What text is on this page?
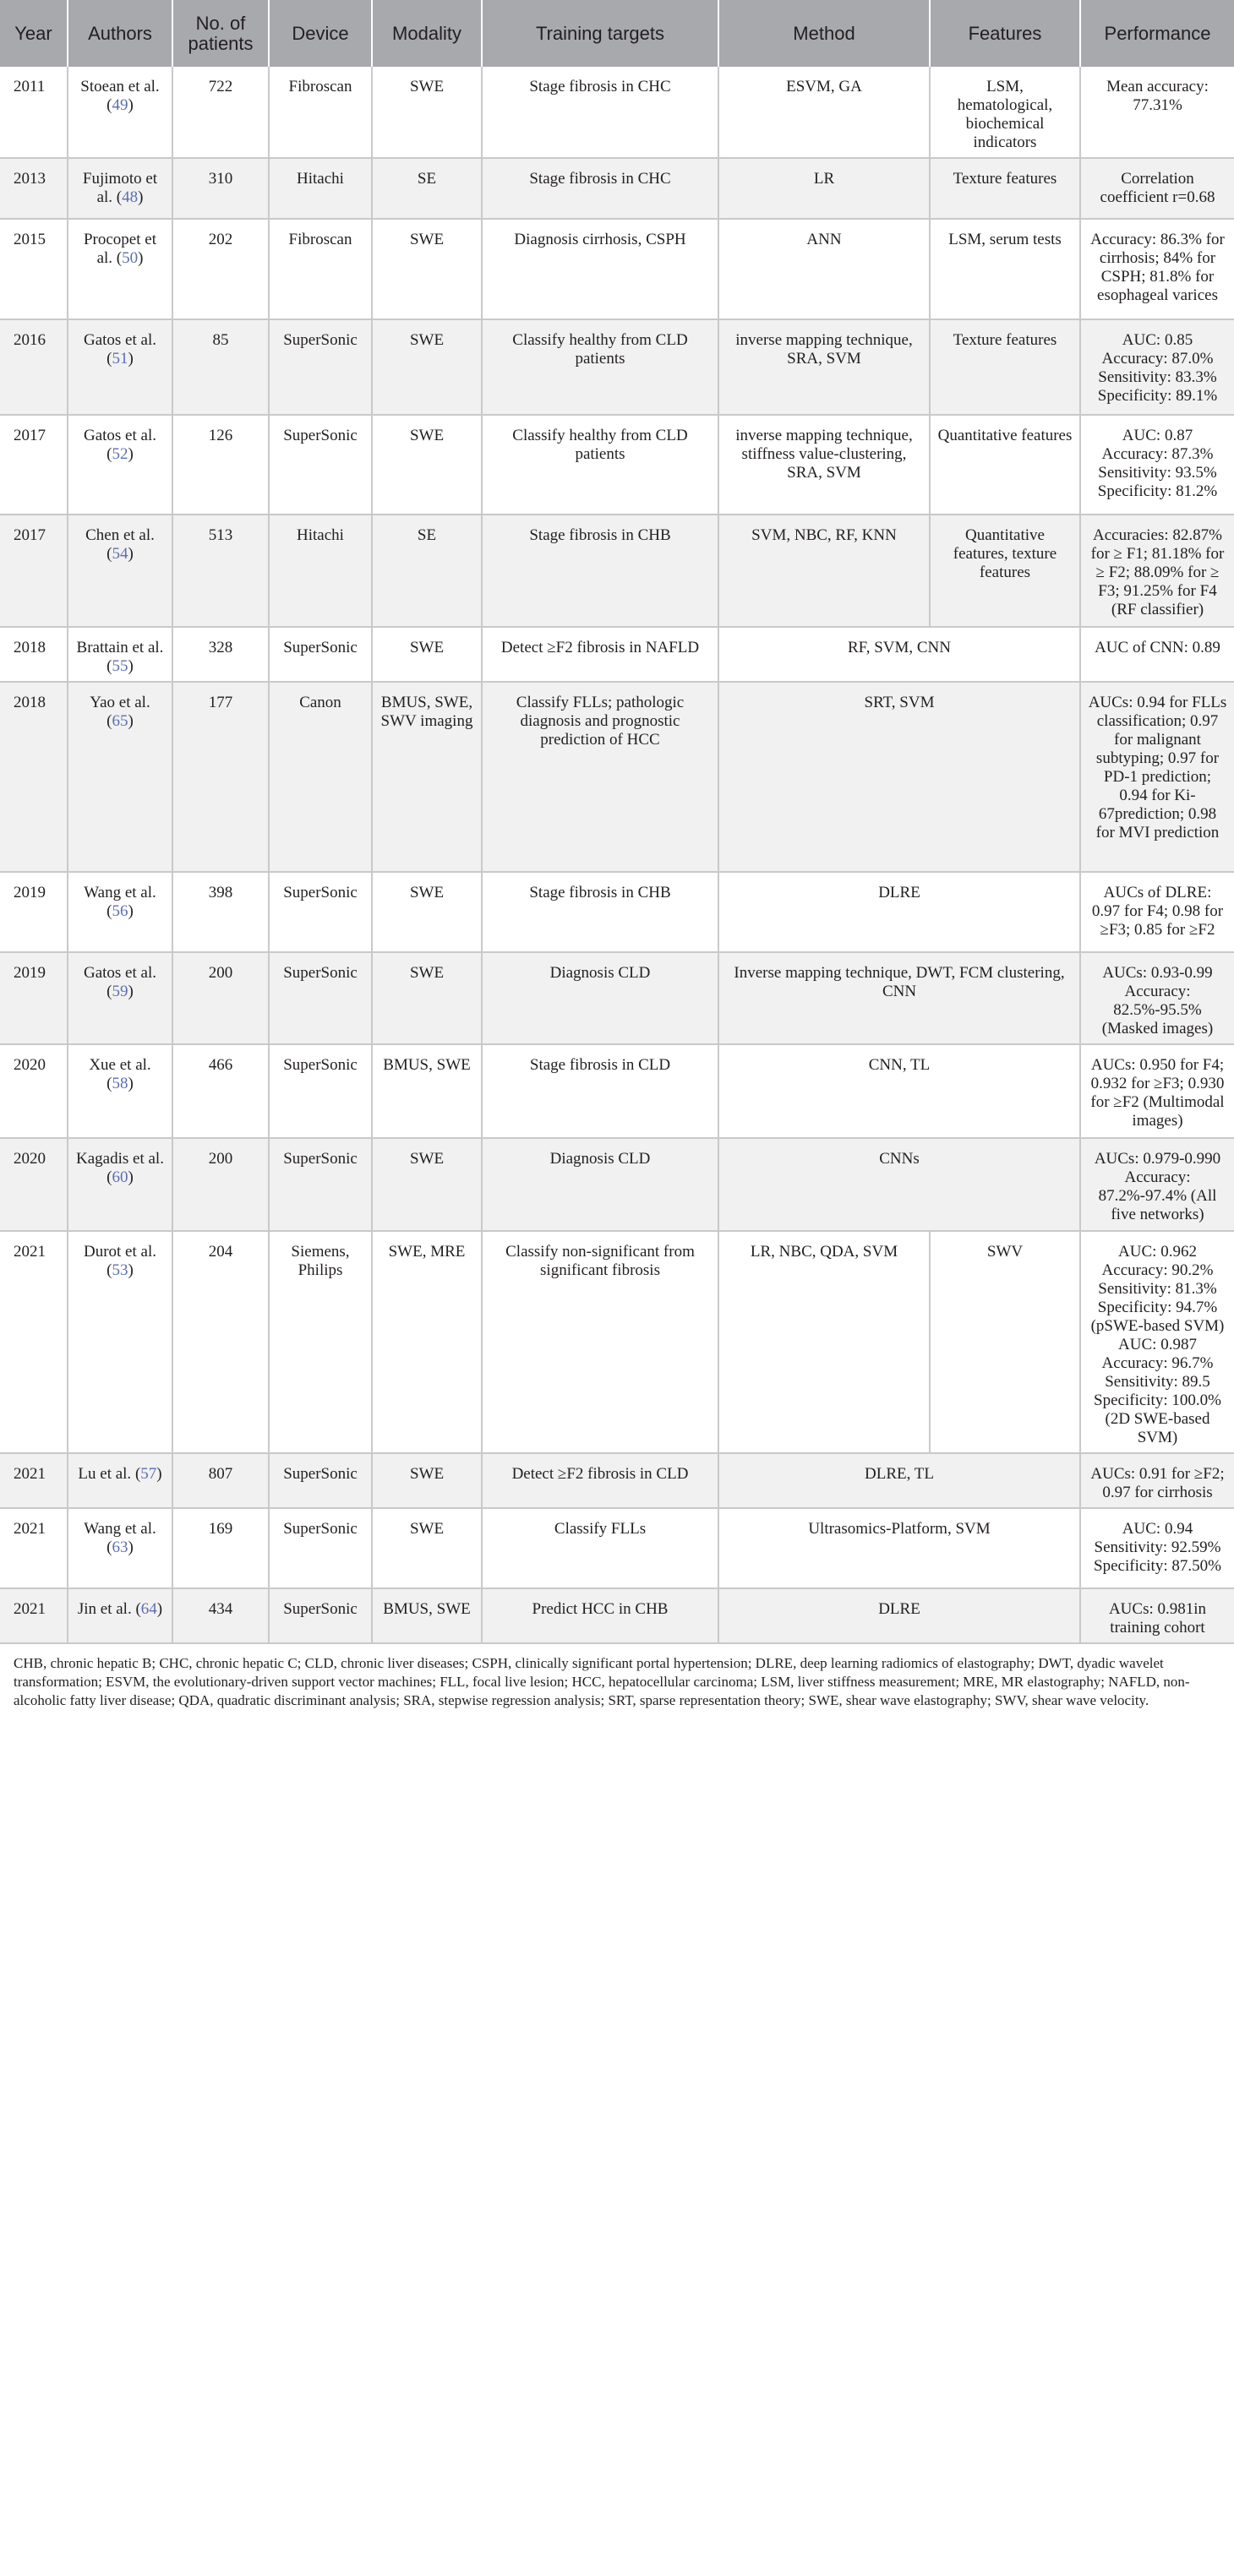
Year	Authors	No. of patients	Device	Modality	Training targets	Method	Features	Performance
2011	Stoean et al. (49)	722	Fibroscan	SWE	Stage fibrosis in CHC	ESVM, GA	LSM, hematological, biochemical indicators	Mean accuracy: 77.31%
2013	Fujimoto et al. (48)	310	Hitachi	SE	Stage fibrosis in CHC	LR	Texture features	Correlation coefficient r=0.68
2015	Procopet et al. (50)	202	Fibroscan	SWE	Diagnosis cirrhosis, CSPH	ANN	LSM, serum tests	Accuracy: 86.3% for cirrhosis; 84% for CSPH; 81.8% for esophageal varices
2016	Gatos et al. (51)	85	SuperSonic	SWE	Classify healthy from CLD patients	inverse mapping technique, SRA, SVM	Texture features	AUC: 0.85 Accuracy: 87.0% Sensitivity: 83.3% Specificity: 89.1%
2017	Gatos et al. (52)	126	SuperSonic	SWE	Classify healthy from CLD patients	inverse mapping technique, stiffness value-clustering, SRA, SVM	Quantitative features	AUC: 0.87 Accuracy: 87.3% Sensitivity: 93.5% Specificity: 81.2%
2017	Chen et al. (54)	513	Hitachi	SE	Stage fibrosis in CHB	SVM, NBC, RF, KNN	Quantitative features, texture features	Accuracies: 82.87% for ≥ F1; 81.18% for ≥ F2; 88.09% for ≥ F3; 91.25% for F4 (RF classifier)
2018	Brattain et al. (55)	328	SuperSonic	SWE	Detect ≥F2 fibrosis in NAFLD	RF, SVM, CNN		AUC of CNN: 0.89
2018	Yao et al. (65)	177	Canon	BMUS, SWE, SWV imaging	Classify FLLs; pathologic diagnosis and prognostic prediction of HCC	SRT, SVM		AUCs: 0.94 for FLLs classification; 0.97 for malignant subtyping; 0.97 for PD-1 prediction; 0.94 for Ki-67prediction; 0.98 for MVI prediction
2019	Wang et al. (56)	398	SuperSonic	SWE	Stage fibrosis in CHB	DLRE		AUCs of DLRE: 0.97 for F4; 0.98 for ≥F3; 0.85 for ≥F2
2019	Gatos et al. (59)	200	SuperSonic	SWE	Diagnosis CLD	Inverse mapping technique, DWT, FCM clustering, CNN		AUCs: 0.93-0.99 Accuracy: 82.5%-95.5% (Masked images)
2020	Xue et al. (58)	466	SuperSonic	BMUS, SWE	Stage fibrosis in CLD	CNN, TL		AUCs: 0.950 for F4; 0.932 for ≥F3; 0.930 for ≥F2 (Multimodal images)
2020	Kagadis et al. (60)	200	SuperSonic	SWE	Diagnosis CLD	CNNs		AUCs: 0.979-0.990 Accuracy: 87.2%-97.4% (All five networks)
2021	Durot et al. (53)	204	Siemens, Philips	SWE, MRE	Classify non-significant from significant fibrosis	LR, NBC, QDA, SVM	SWV	AUC: 0.962 Accuracy: 90.2% Sensitivity: 81.3% Specificity: 94.7% (pSWE-based SVM) AUC: 0.987 Accuracy: 96.7% Sensitivity: 89.5 Specificity: 100.0% (2D SWE-based SVM)
2021	Lu et al. (57)	807	SuperSonic	SWE	Detect ≥F2 fibrosis in CLD	DLRE, TL		AUCs: 0.91 for ≥F2; 0.97 for cirrhosis
2021	Wang et al. (63)	169	SuperSonic	SWE	Classify FLLs	Ultrasomics-Platform, SVM		AUC: 0.94 Sensitivity: 92.59% Specificity: 87.50%
2021	Jin et al. (64)	434	SuperSonic	BMUS, SWE	Predict HCC in CHB	DLRE		AUCs: 0.981in training cohort
CHB, chronic hepatic B; CHC, chronic hepatic C; CLD, chronic liver diseases; CSPH, clinically significant portal hypertension; DLRE, deep learning radiomics of elastography; DWT, dyadic wavelet transformation; ESVM, the evolutionary-driven support vector machines; FLL, focal live lesion; HCC, hepatocellular carcinoma; LSM, liver stiffness measurement; MRE, MR elastography; NAFLD, non-alcoholic fatty liver disease; QDA, quadratic discriminant analysis; SRA, stepwise regression analysis; SRT, sparse representation theory; SWE, shear wave elastography; SWV, shear wave velocity.
